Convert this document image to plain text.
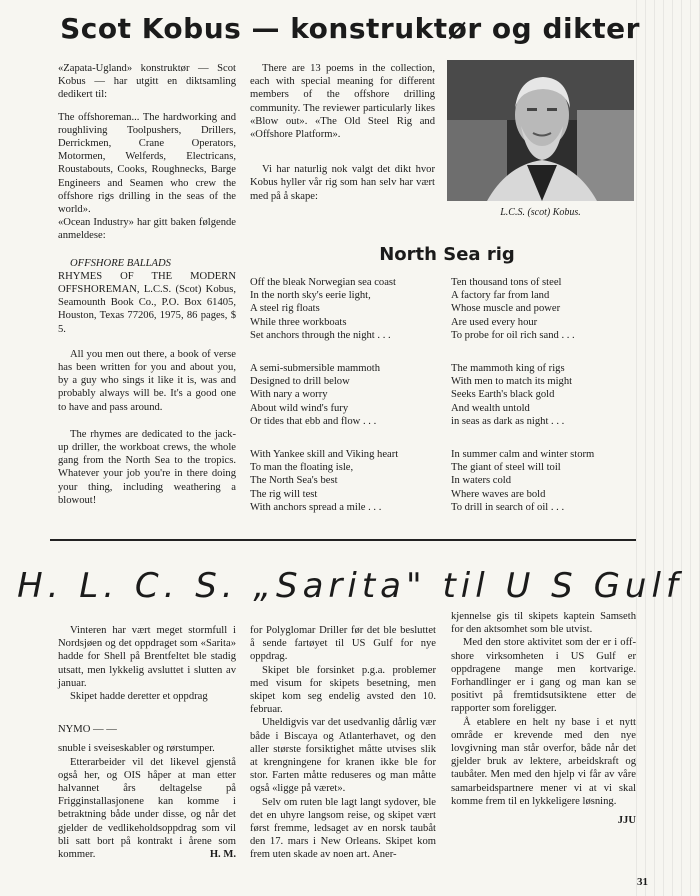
Scot Kobus — konstruktør og dikter

«Zapata-Ugland» konstruktør — Scot Kobus — har utgitt en diktsamling dedikert til:

The offshoreman... The hardworking and roughliving Toolpushers, Drillers, Derrickmen, Crane Operators, Motormen, Welferds, Electricans, Roustabouts, Cooks, Roughnecks, Barge Engineers and Seamen who crew the offshore rigs drilling in the seas of the world».

«Ocean Industry» har gitt baken følgende anmeldese:

OFFSHORE BALLADS

RHYMES OF THE MODERN OFFSHOREMAN, L.C.S. (Scot) Kobus, Seamounth Book Co., P.O. Box 61405, Houston, Texas 77206, 1975, 86 pages, $ 5.

All you men out there, a book of verse has been written for you and about you, by a guy who sings it like it is, was and probably always will be. It's a good one to have and pass around.

The rhymes are dedicated to the jack-up driller, the workboat crews, the whole gang from the North Sea to the tropics. Whatever your job you're in there doing your thing, including weathering a blowout!

There are 13 poems in the collection, each with special meaning for different members of the offshore drilling community. The reviewer particularly likes «Blow out». «The Old Steel Rig and «Offshore Platform».

Vi har naturlig nok valgt det dikt hvor Kobus hyller vår rig som han selv har vært med på å skape:

L.C.S. (scot) Kobus.
North Sea rig
Off the bleak Norwegian sea coast
In the north sky's eerie light,
A steel rig floats
While three workboats
Set anchors through the night . . .
A semi-submersible mammoth
Designed to drill below
With nary a worry
About wild wind's fury
Or tides that ebb and flow . . .
With Yankee skill and Viking heart
To man the floating isle,
The North Sea's best
The rig will test
With anchors spread a mile . . .
Ten thousand tons of steel
A factory far from land
Whose muscle and power
Are used every hour
To probe for oil rich sand . . .
The mammoth king of rigs
With men to match its might
Seeks Earth's black gold
And wealth untold
in seas as dark as night . . .
In summer calm and winter storm
The giant of steel will toil
In waters cold
Where waves are bold
To drill in search of oil . . .
H. L. C. S. „Sarita" til U S Gulf

Vinteren har vært meget stormfull i Nordsjøen og det oppdraget som «Sarita» hadde for Shell på Brentfeltet ble stadig utsatt, men lykkelig avsluttet i slutten av januar.

Skipet hadde deretter et oppdrag

NYMO — —

snuble i sveiseskabler og rørstumper.

Etterarbeider vil det likevel gjenstå også her, og OIS håper at man etter halvannet års deltagelse på Frigginstallasjonene kan komme i betraktning både under disse, og når det gjelder de vedlikeholdsoppdrag som vil bli satt bort på kontrakt i årene som kommer.	H. M.

for Polyglomar Driller før det ble besluttet å sende fartøyet til US Gulf for nye oppdrag.

Skipet ble forsinket p.g.a. problemer med visum for skipets besetning, men skipet kom seg endelig avsted den 10. februar.

Uheldigvis var det usedvanlig dårlig vær både i Biscaya og Atlanterhavet, og den aller største forsiktighet måtte utvises slik at krengningene for kranen ikke ble for stor. Farten måtte reduseres og man måtte også «ligge på været».

Selv om ruten ble lagt langt sydover, ble det en uhyre langsom reise, og skipet vært først fremme, ledsaget av en norsk taubåt den 17. mars i New Orleans. Skipet kom frem uten skade av noen art. Aner-

kjennelse gis til skipets kaptein Samseth for den aktsomhet som ble utvist.

Med den store aktivitet som der er i off-shore virksomheten i US Gulf er oppdragene mange men kortvarige. Forhandlinger er i gang og man kan se positivt på fremtidsutsiktene etter de rapporter som foreligger.

Å etablere en helt ny base i et nytt område er krevende med den nye lovgivning man står overfor, både når det gjelder bruk av lektere, arbeidskraft og taubåter. Men med den hjelp vi får av våre samarbeidspartnere mener vi at vi skal komme frem til en lykkeligere løsning.

JJU
31
